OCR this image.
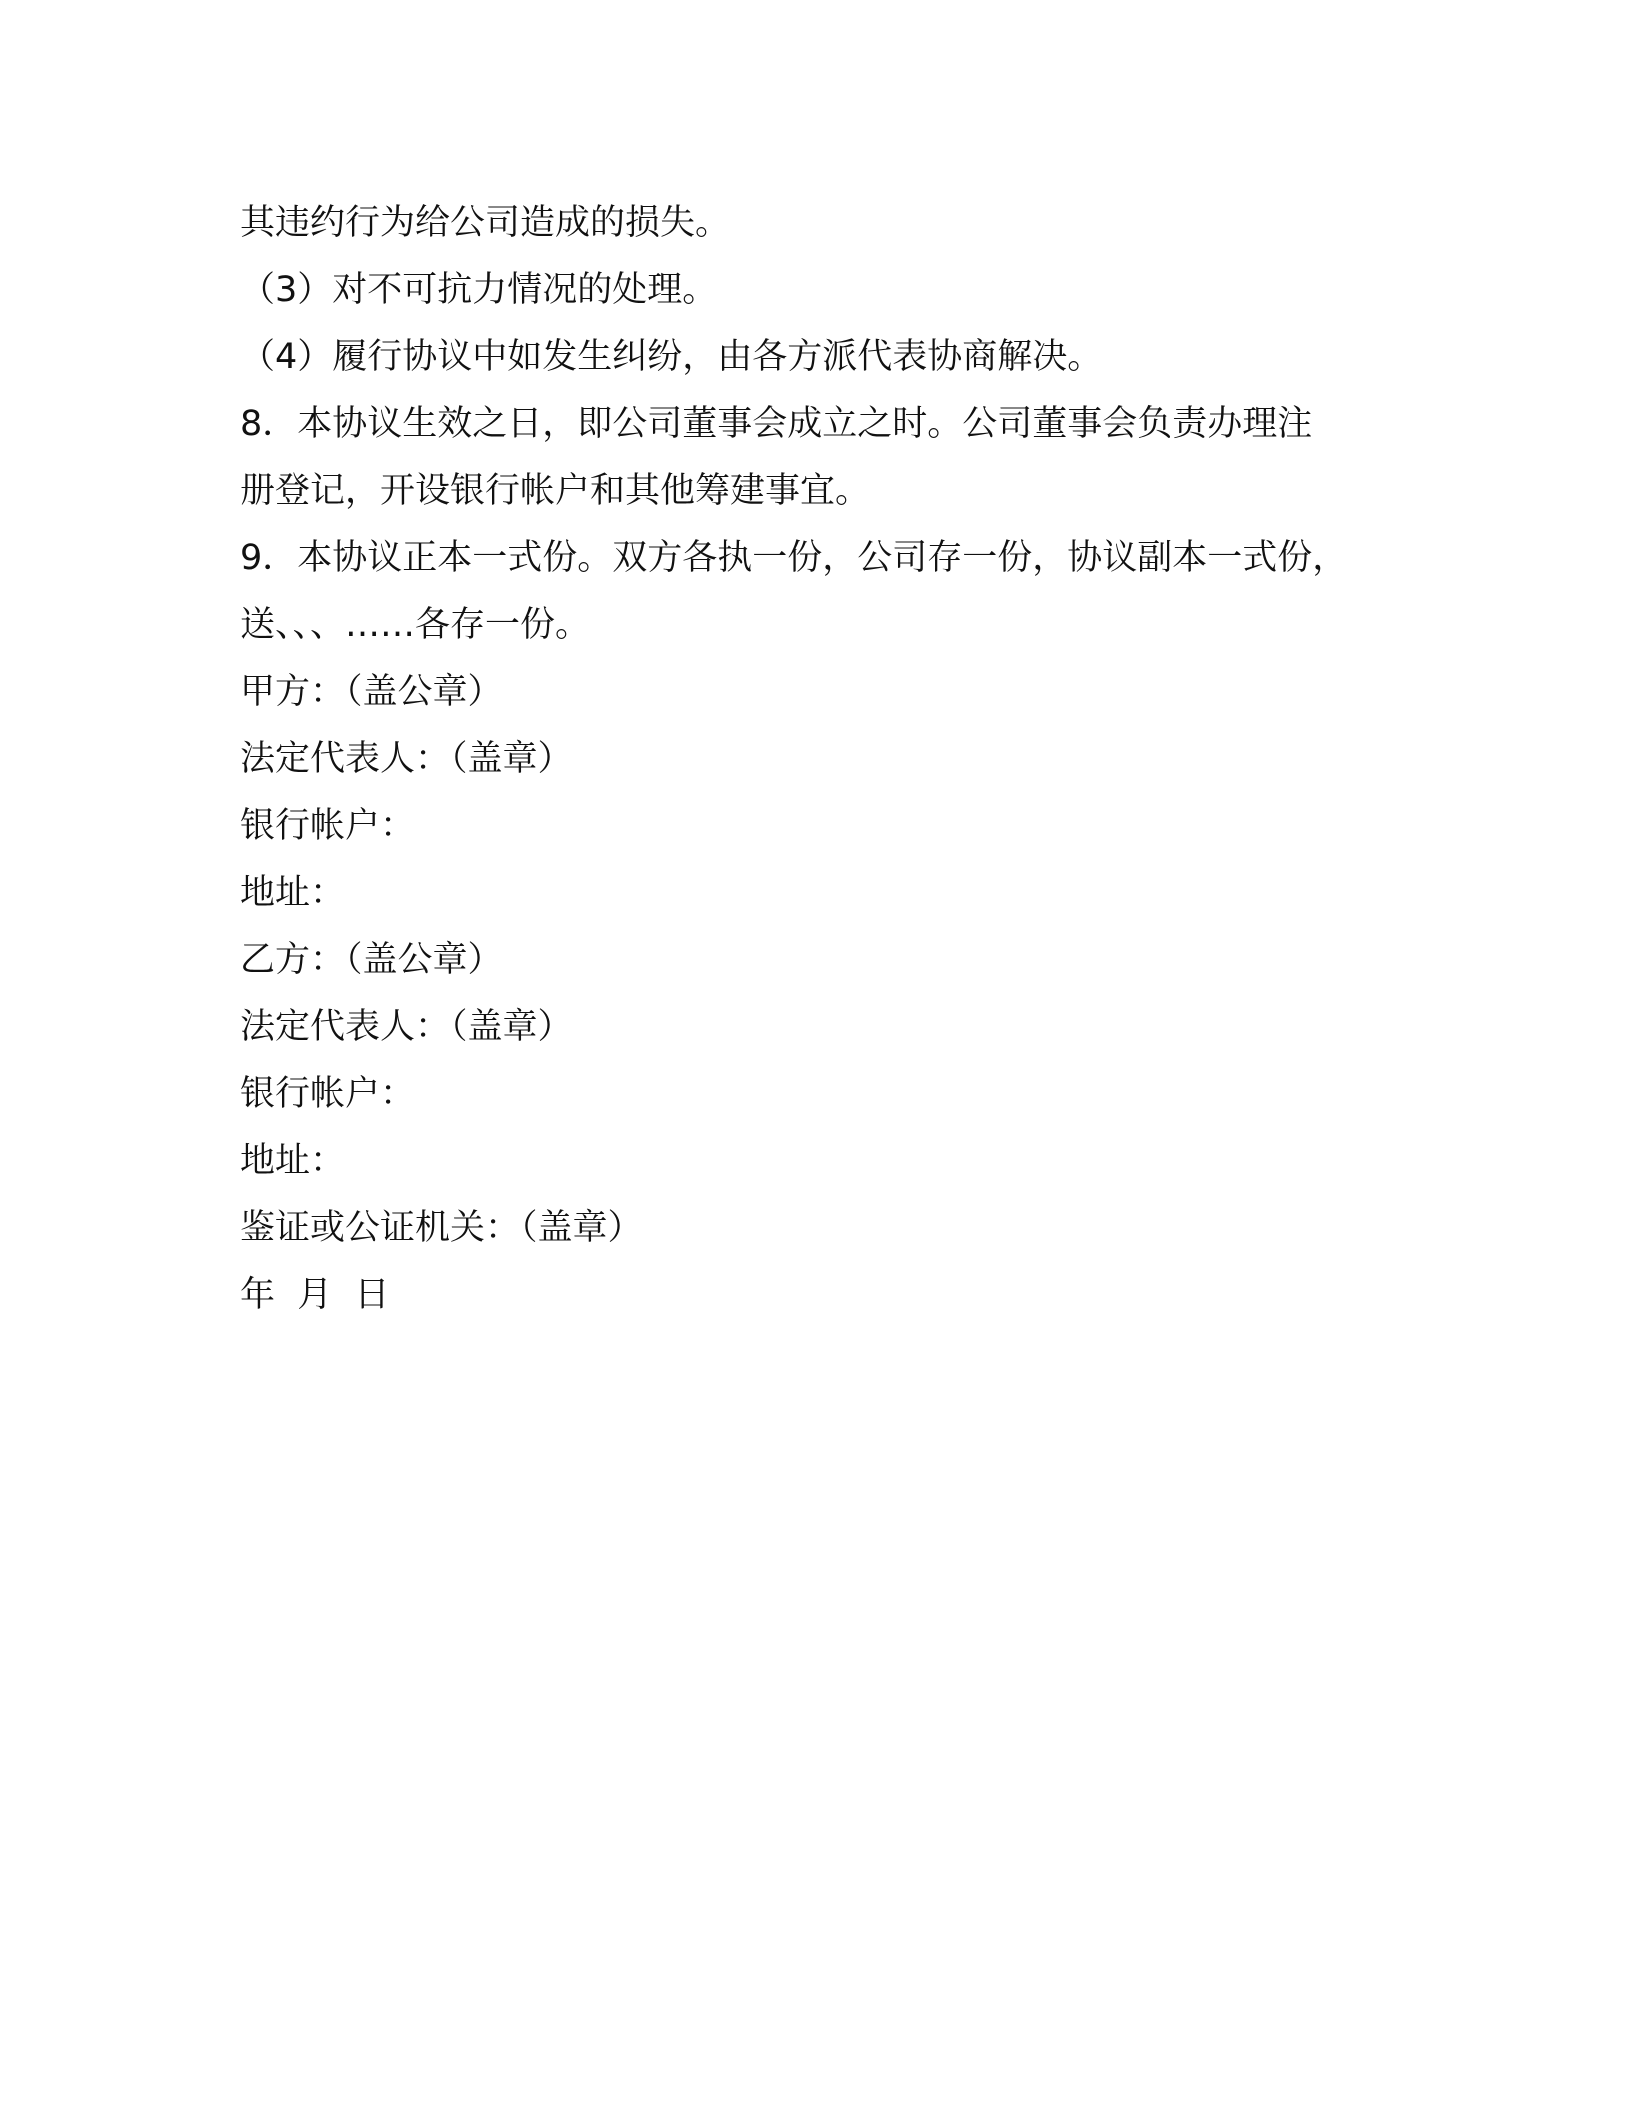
其违约行为给公司造成的损失。
（3）对不可抗力情况的处理。
（4）履行协议中如发生纠纷，由各方派代表协商解决。
8．本协议生效之日，即公司董事会成立之时。公司董事会负责办理注
册登记，开设银行帐户和其他筹建事宜。
9．本协议正本一式份。双方各执一份，公司存一份，协议副本一式份，
送、、、……各存一份。
甲方：（盖公章）
法定代表人：（盖章）
银行帐户：
地址：
乙方：（盖公章）
法定代表人：（盖章）
银行帐户：
地址：
鉴证或公证机关：（盖章）
年  月  日
